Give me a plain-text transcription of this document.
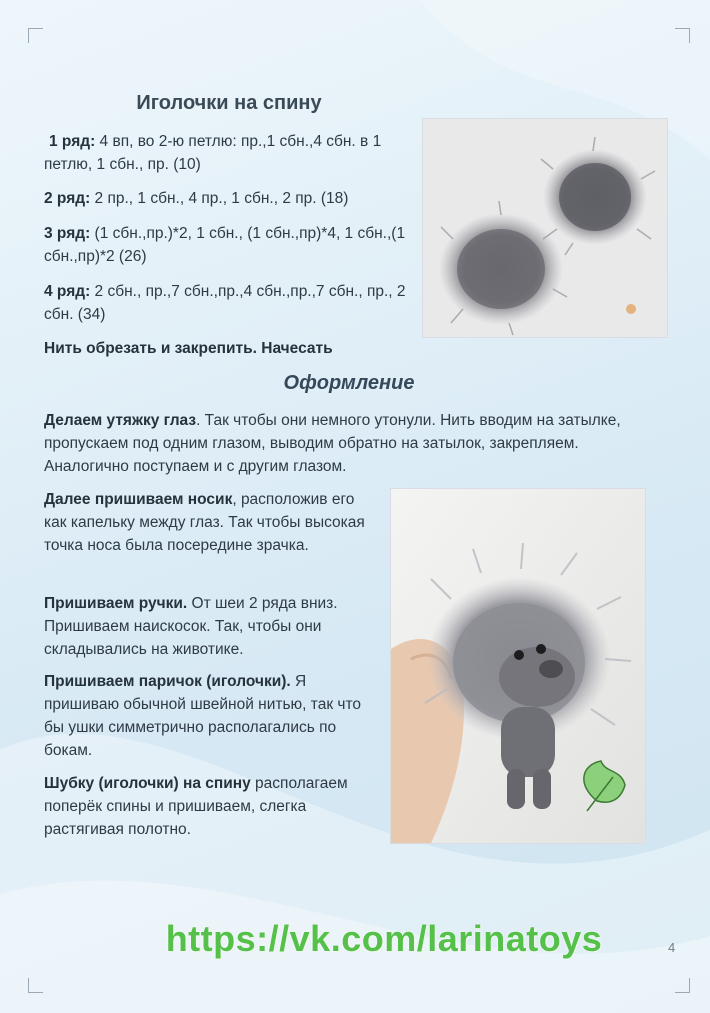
Иголочки на спину

1 ряд: 4 вп, во 2-ю петлю: пр.,1 сбн.,4 сбн. в 1 петлю, 1 сбн., пр. (10)

2 ряд: 2 пр., 1 сбн., 4 пр., 1 сбн., 2 пр. (18)

3 ряд: (1 сбн.,пр.)*2, 1 сбн., (1 сбн.,пр)*4, 1 сбн.,(1 сбн.,пр)*2 (26)

4 ряд: 2 сбн., пр.,7 сбн.,пр.,4 сбн.,пр.,7 сбн., пр., 2 сбн. (34)

Нить обрезать и закрепить. Начесать

Оформление

Делаем утяжку глаз. Так чтобы они немного утонули. Нить вводим на затылке, пропускаем под одним глазом, выводим обратно на затылок, закрепляем. Аналогично поступаем и с другим глазом.

Далее пришиваем носик, расположив его как капельку между глаз. Так чтобы высокая точка носа была посередине зрачка.

Пришиваем ручки. От шеи 2 ряда вниз. Пришиваем наискосок. Так, чтобы они складывались на животике.

Пришиваем паричок (иголочки). Я пришиваю обычной швейной нитью, так что бы ушки симметрично располагались по бокам.

Шубку (иголочки) на спину располагаем поперёк спины и пришиваем, слегка растягивая полотно.

https://vk.com/larinatoys	4
